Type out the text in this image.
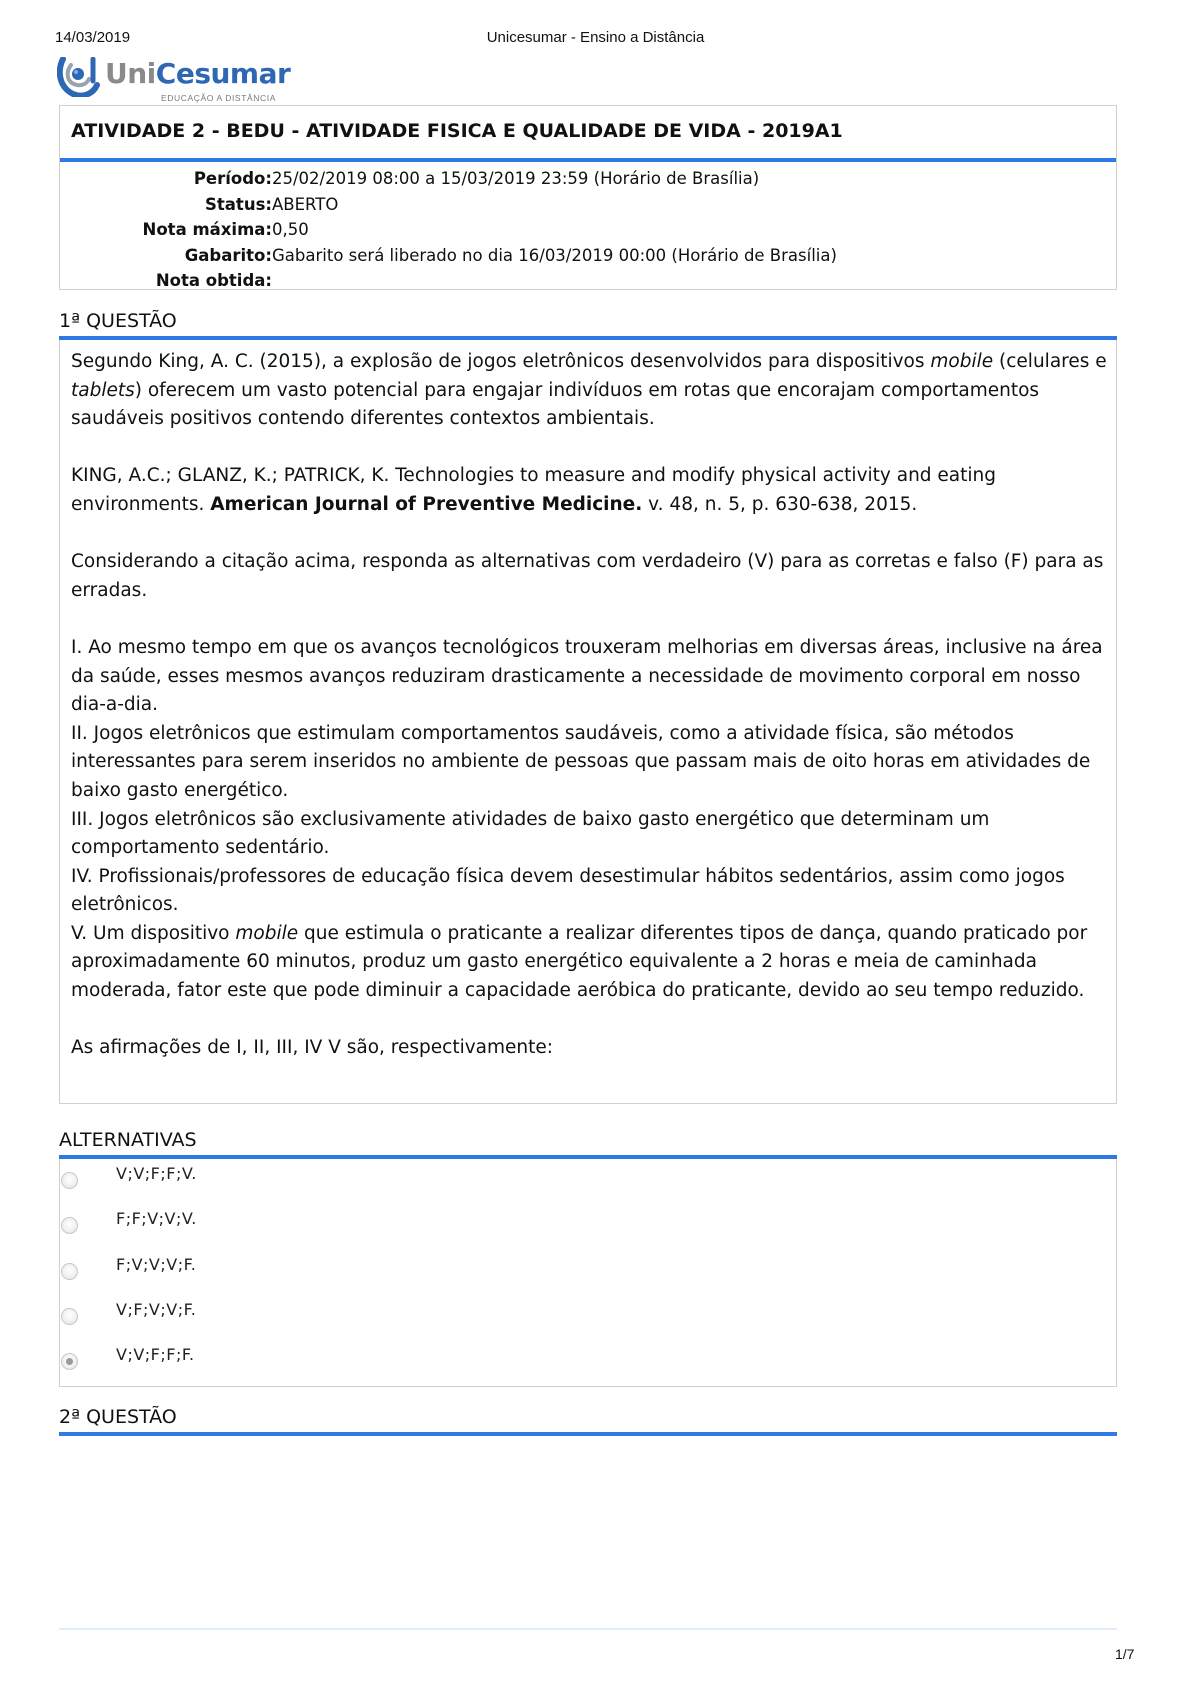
14/03/2019	Unicesumar - Ensino a Distância
UniCesumar
EDUCAÇÃO A DISTÂNCIA
ATIVIDADE 2 - BEDU - ATIVIDADE FISICA E QUALIDADE DE VIDA - 2019A1
Período: 25/02/2019 08:00 a 15/03/2019 23:59 (Horário de Brasília)
Status: ABERTO
Nota máxima: 0,50
Gabarito: Gabarito será liberado no dia 16/03/2019 00:00 (Horário de Brasília)
Nota obtida:
1ª QUESTÃO

Segundo King, A. C. (2015), a explosão de jogos eletrônicos desenvolvidos para dispositivos mobile (celulares e tablets) oferecem um vasto potencial para engajar indivíduos em rotas que encorajam comportamentos saudáveis positivos contendo diferentes contextos ambientais.

KING, A.C.; GLANZ, K.; PATRICK, K. Technologies to measure and modify physical activity and eating environments. American Journal of Preventive Medicine. v. 48, n. 5, p. 630-638, 2015.

Considerando a citação acima, responda as alternativas com verdadeiro (V) para as corretas e falso (F) para as erradas.

I. Ao mesmo tempo em que os avanços tecnológicos trouxeram melhorias em diversas áreas, inclusive na área da saúde, esses mesmos avanços reduziram drasticamente a necessidade de movimento corporal em nosso dia-a-dia.

II. Jogos eletrônicos que estimulam comportamentos saudáveis, como a atividade física, são métodos interessantes para serem inseridos no ambiente de pessoas que passam mais de oito horas em atividades de baixo gasto energético.

III. Jogos eletrônicos são exclusivamente atividades de baixo gasto energético que determinam um comportamento sedentário.

IV. Profissionais/professores de educação física devem desestimular hábitos sedentários, assim como jogos eletrônicos.

V. Um dispositivo mobile que estimula o praticante a realizar diferentes tipos de dança, quando praticado por aproximadamente 60 minutos, produz um gasto energético equivalente a 2 horas e meia de caminhada moderada, fator este que pode diminuir a capacidade aeróbica do praticante, devido ao seu tempo reduzido.

As afirmações de I, II, III, IV V são, respectivamente:

ALTERNATIVAS
V;V;F;F;V.
F;F;V;V;V.
F;V;V;V;F.
V;F;V;V;F.
V;V;F;F;F.
2ª QUESTÃO
1/7
